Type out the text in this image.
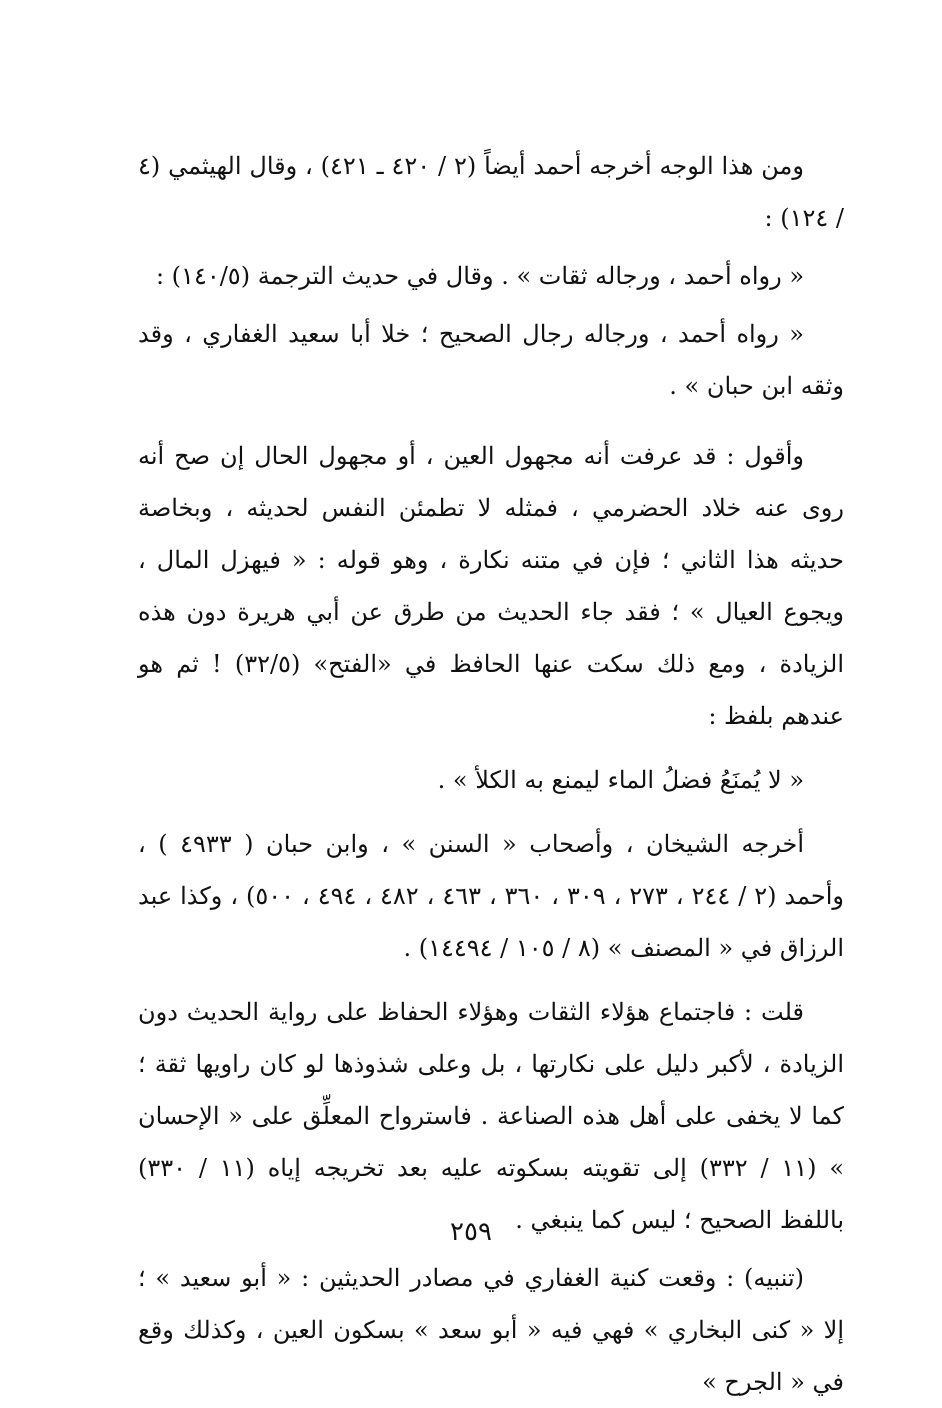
ومن هذا الوجه أخرجه أحمد أيضاً (٢ / ٤٢٠ ـ ٤٢١) ، وقال الهيثمي (٤ / ١٢٤) :

« رواه أحمد ، ورجاله ثقات » . وقال في حديث الترجمة (١٤٠/٥) :

« رواه أحمد ، ورجاله رجال الصحيح ؛ خلا أبا سعيد الغفاري ، وقد وثقه ابن حبان » .

وأقول : قد عرفت أنه مجهول العين ، أو مجهول الحال إن صح أنه روى عنه خلاد الحضرمي ، فمثله لا تطمئن النفس لحديثه ، وبخاصة حديثه هذا الثاني ؛ فإن في متنه نكارة ، وهو قوله : « فيهزل المال ، ويجوع العيال » ؛ فقد جاء الحديث من طرق عن أبي هريرة دون هذه الزيادة ، ومع ذلك سكت عنها الحافظ في «الفتح» (٣٢/٥) ! ثم هو عندهم بلفظ :

« لا يُمنَعُ فضلُ الماء ليمنع به الكلأ » .

أخرجه الشيخان ، وأصحاب « السنن » ، وابن حبان ( ٤٩٣٣ ) ، وأحمد (٢ / ٢٤٤ ، ٢٧٣ ، ٣٠٩ ، ٣٦٠ ، ٤٦٣ ، ٤٨٢ ، ٤٩٤ ، ٥٠٠) ، وكذا عبد الرزاق في « المصنف » (٨ / ١٠٥ / ١٤٤٩٤) .

قلت : فاجتماع هؤلاء الثقات وهؤلاء الحفاظ على رواية الحديث دون الزيادة ، لأكبر دليل على نكارتها ، بل وعلى شذوذها لو كان راويها ثقة ؛ كما لا يخفى على أهل هذه الصناعة . فاسترواح المعلِّق على « الإحسان » (١١ / ٣٣٢) إلى تقويته بسكوته عليه بعد تخريجه إياه (١١ / ٣٣٠) باللفظ الصحيح ؛ ليس كما ينبغي .

(تنبيه) : وقعت كنية الغفاري في مصادر الحديثين : « أبو سعيد » ؛ إلا « كنى البخاري » فهي فيه « أبو سعد » بسكون العين ، وكذلك وقع في « الجرح »

٢٥٩
